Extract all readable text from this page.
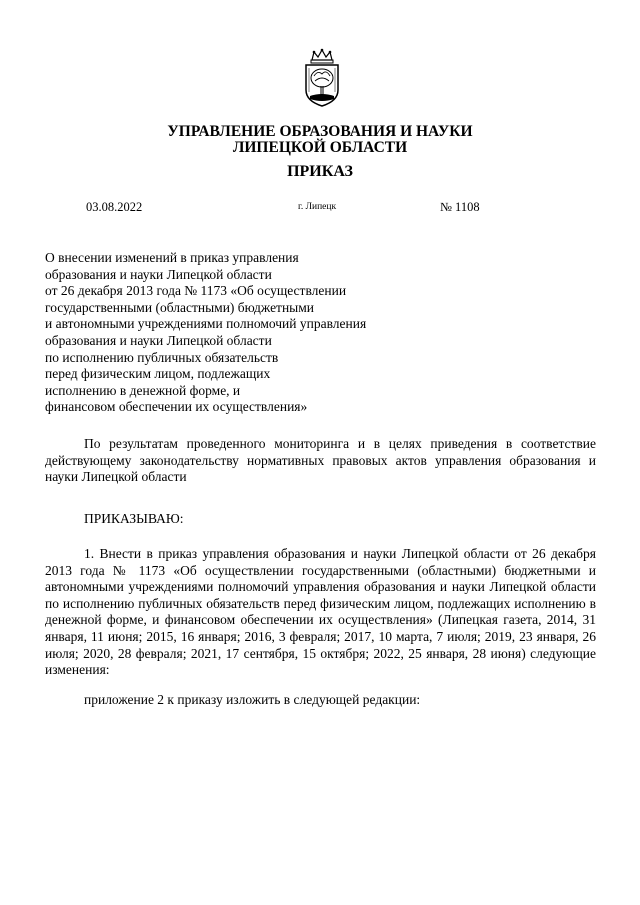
УПРАВЛЕНИЕ ОБРАЗОВАНИЯ И НАУКИ
ЛИПЕЦКОЙ ОБЛАСТИ
ПРИКАЗ
03.08.2022	г. Липецк	№ 1108
О внесении изменений в приказ управления
образования и науки Липецкой области
от 26 декабря 2013 года № 1173 «Об осуществлении
государственными (областными) бюджетными
и автономными учреждениями полномочий управления
образования и науки Липецкой области
по исполнению публичных обязательств
перед физическим лицом, подлежащих
исполнению в денежной форме, и
финансовом обеспечении их осуществления»

По результатам проведенного мониторинга и в целях приведения в соответствие действующему законодательству нормативных правовых актов управления образования и науки Липецкой области

ПРИКАЗЫВАЮ:

1. Внести в приказ управления образования и науки Липецкой области от 26 декабря 2013 года № 1173 «Об осуществлении государственными (областными) бюджетными и автономными учреждениями полномочий управления образования и науки Липецкой области по исполнению публичных обязательств перед физическим лицом, подлежащих исполнению в денежной форме, и финансовом обеспечении их осуществления» (Липецкая газета, 2014, 31 января, 11 июня; 2015, 16 января; 2016, 3 февраля; 2017, 10 марта, 7 июля; 2019, 23 января, 26 июля; 2020, 28 февраля; 2021, 17 сентября, 15 октября; 2022, 25 января, 28 июня) следующие изменения:

приложение 2 к приказу изложить в следующей редакции:
